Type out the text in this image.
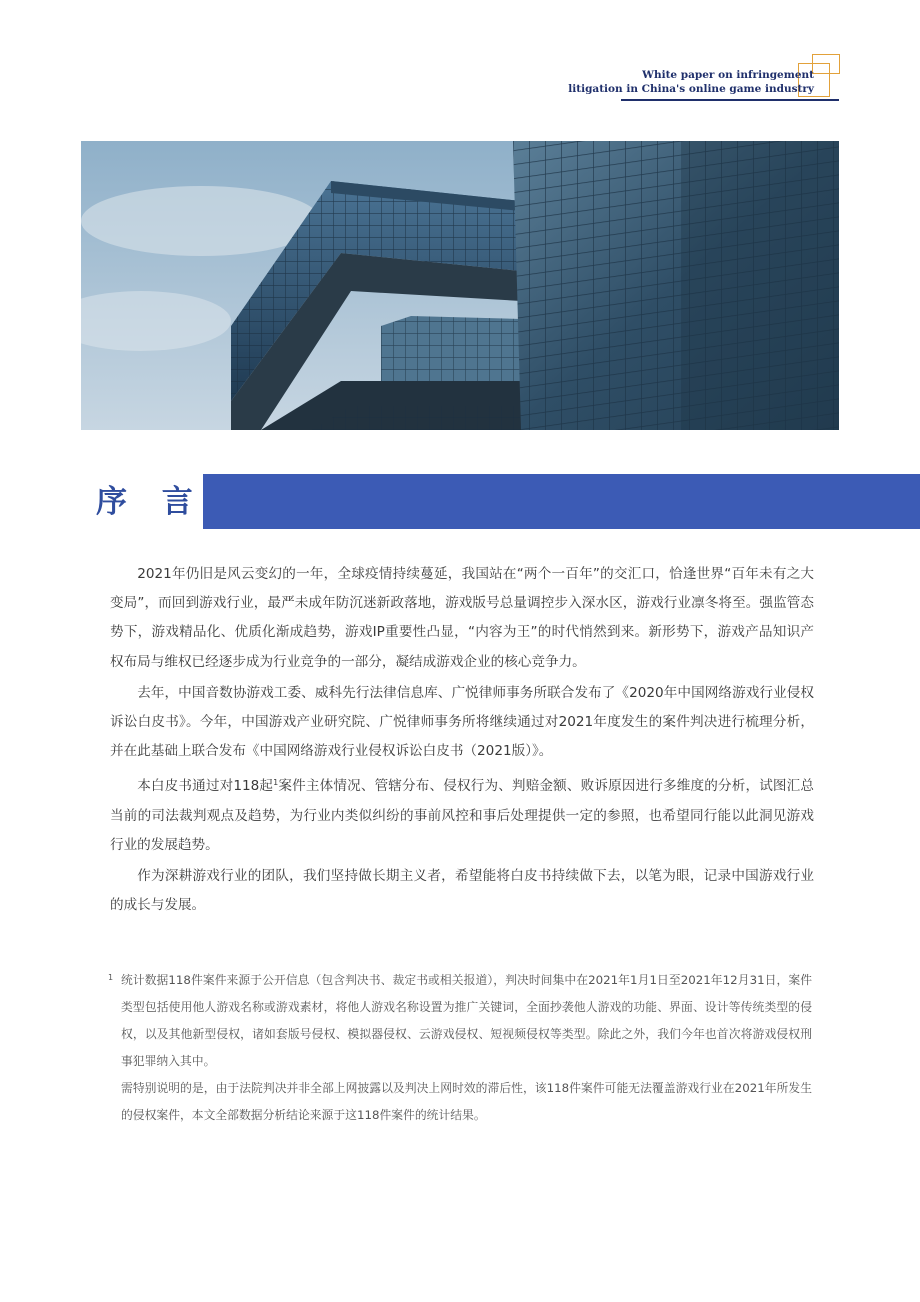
White paper on infringement
litigation in China's online game industry
序 言

2021年仍旧是风云变幻的一年，全球疫情持续蔓延，我国站在“两个一百年”的交汇口，恰逢世界“百年未有之大变局”，而回到游戏行业，最严未成年防沉迷新政落地，游戏版号总量调控步入深水区，游戏行业凛冬将至。强监管态势下，游戏精品化、优质化渐成趋势，游戏IP重要性凸显，“内容为王”的时代悄然到来。新形势下，游戏产品知识产权布局与维权已经逐步成为行业竞争的一部分，凝结成游戏企业的核心竞争力。

去年，中国音数协游戏工委、威科先行法律信息库、广悦律师事务所联合发布了《2020年中国网络游戏行业侵权诉讼白皮书》。今年，中国游戏产业研究院、广悦律师事务所将继续通过对2021年度发生的案件判决进行梳理分析，并在此基础上联合发布《中国网络游戏行业侵权诉讼白皮书（2021版）》。

本白皮书通过对118起$^1$案件主体情况、管辖分布、侵权行为、判赔金额、败诉原因进行多维度的分析，试图汇总当前的司法裁判观点及趋势，为行业内类似纠纷的事前风控和事后处理提供一定的参照，也希望同行能以此洞见游戏行业的发展趋势。

作为深耕游戏行业的团队，我们坚持做长期主义者，希望能将白皮书持续做下去，以笔为眼，记录中国游戏行业的成长与发展。

1 统计数据118件案件来源于公开信息（包含判决书、裁定书或相关报道），判决时间集中在2021年1月1日至2021年12月31日，案件类型包括使用他人游戏名称或游戏素材，将他人游戏名称设置为推广关键词，全面抄袭他人游戏的功能、界面、设计等传统类型的侵权，以及其他新型侵权，诸如套版号侵权、模拟器侵权、云游戏侵权、短视频侵权等类型。除此之外，我们今年也首次将游戏侵权刑事犯罪纳入其中。

需特别说明的是，由于法院判决并非全部上网披露以及判决上网时效的滞后性，该118件案件可能无法覆盖游戏行业在2021年所发生的侵权案件，本文全部数据分析结论来源于这118件案件的统计结果。
